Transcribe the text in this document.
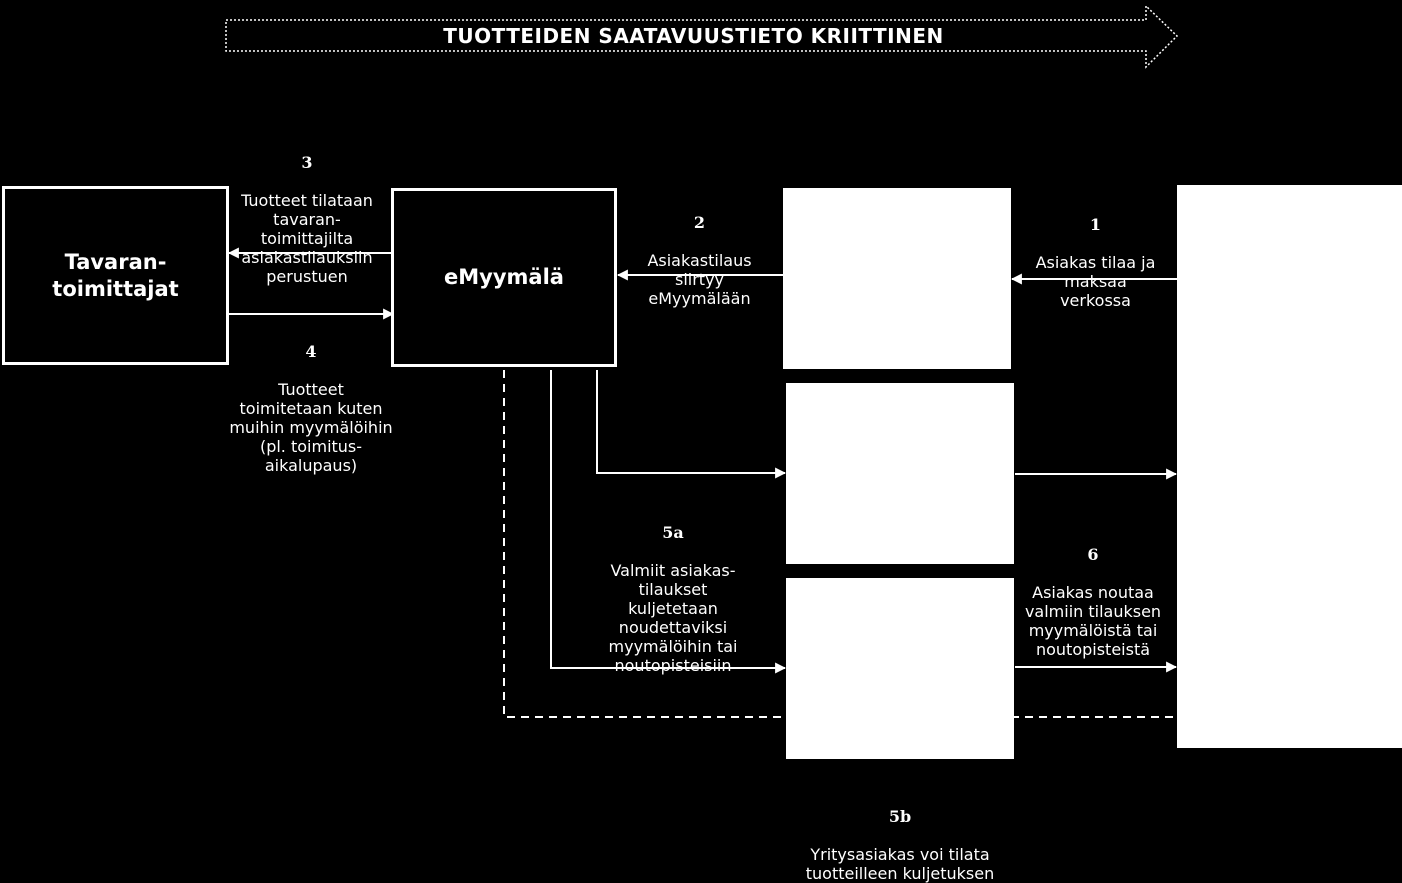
TUOTTEIDEN SAATAVUUSTIETO KRIITTINEN
Tavaran-
toimittajat	eMyymälä

1

Asiakas tilaa ja
maksaa
verkossa

2

Asiakastilaus
siirtyy
eMyymälään

3

Tuotteet tilataan
tavaran-
toimittajilta
asiakastilauksiin
perustuen

4

Tuotteet
toimitetaan kuten
muihin myymälöihin
(pl. toimitus-
aikalupaus)

5a

Valmiit asiakas-
tilaukset
kuljetetaan
noudettaviksi
myymälöihin tai
noutopisteisiin

5b

Yritysasiakas voi tilata
tuotteilleen kuljetuksen

6

Asiakas noutaa
valmiin tilauksen
myymälöistä tai
noutopisteistä
